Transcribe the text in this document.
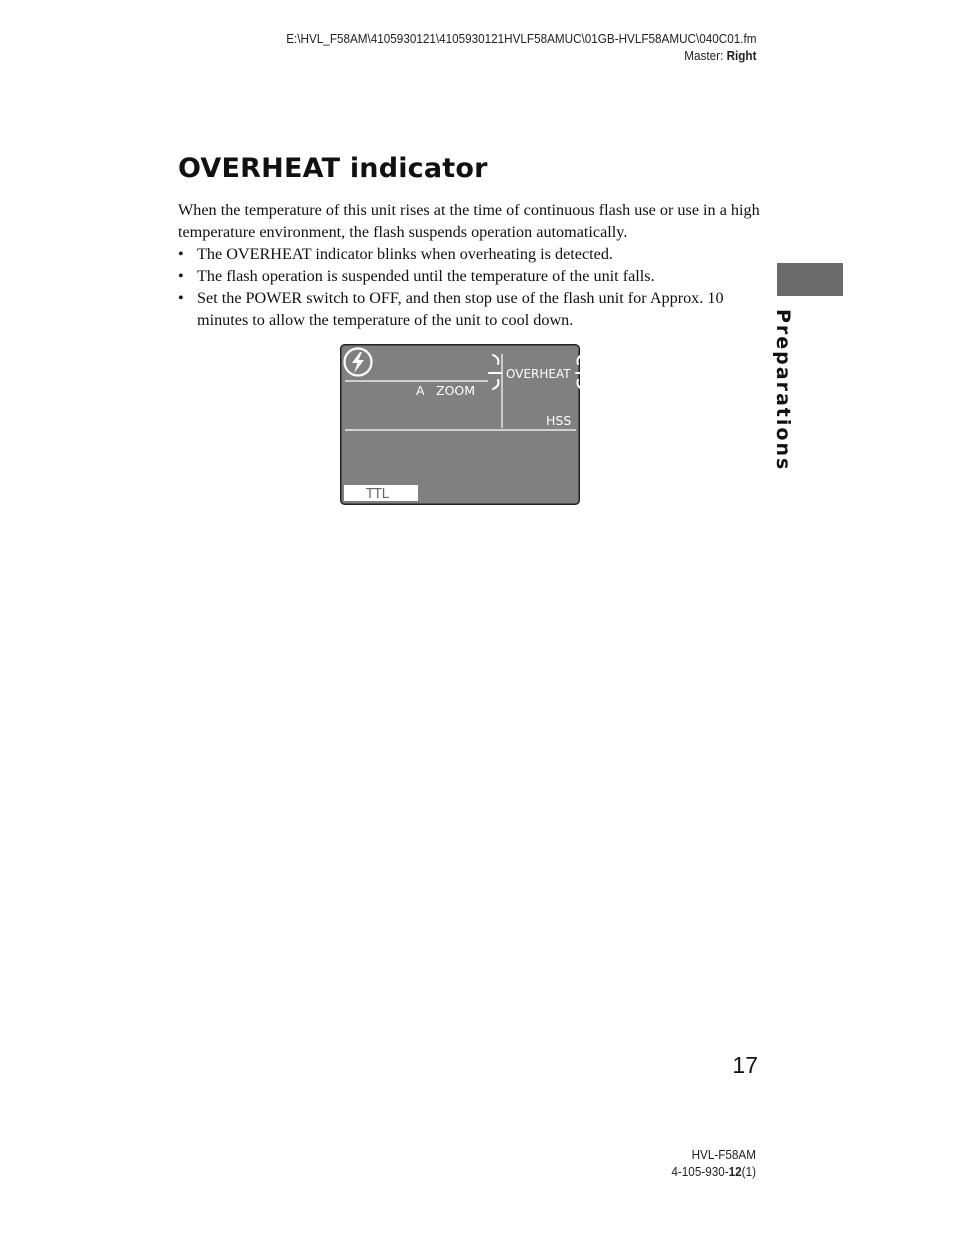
E:\HVL_F58AM\4105930121\4105930121HVLF58AMUC\01GB-HVLF58AMUC\040C01.fm
Master: Right
OVERHEAT indicator

When the temperature of this unit rises at the time of continuous flash use or use in a high temperature environment, the flash suspends operation automatically.

• The OVERHEAT indicator blinks when overheating is detected.
• The flash operation is suspended until the temperature of the unit falls.
• Set the POWER switch to OFF, and then stop use of the flash unit for Approx. 10 minutes to allow the temperature of the unit to cool down.	Preparations
OVERHEAT
A ZOOM
HSS
TTL
17
HVL-F58AM
4-105-930-12(1)
